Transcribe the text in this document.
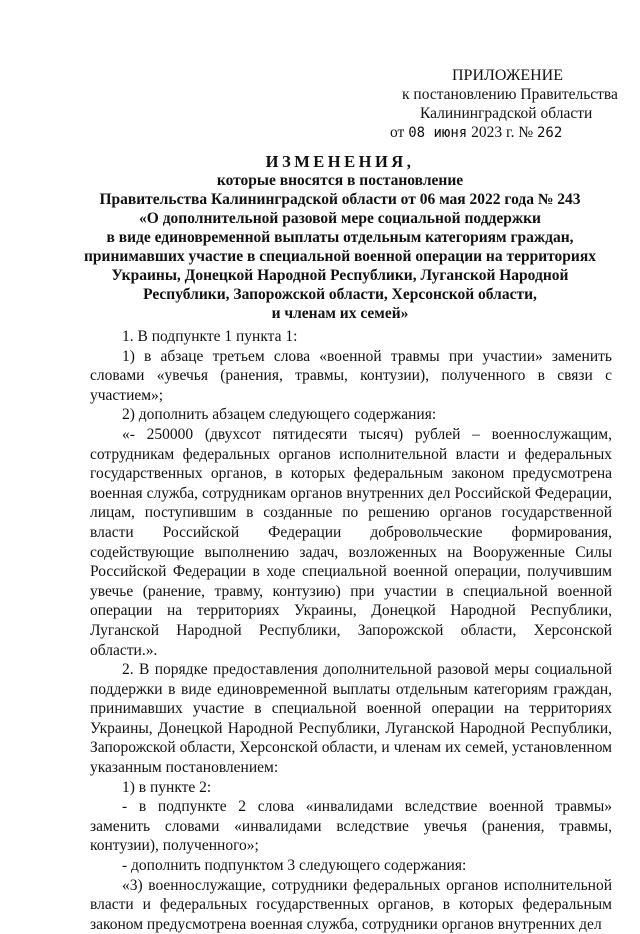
ПРИЛОЖЕНИЕ
к постановлению Правительства
Калининградской области
от 08 июня 2023 г. № 262
ИЗМЕНЕНИЯ,
которые вносятся в постановление
Правительства Калининградской области от 06 мая 2022 года № 243
«О дополнительной разовой мере социальной поддержки
в виде единовременной выплаты отдельным категориям граждан,
принимавших участие в специальной военной операции на территориях
Украины, Донецкой Народной Республики, Луганской Народной
Республики, Запорожской области, Херсонской области,
и членам их семей»

1. В подпункте 1 пункта 1:

1) в абзаце третьем слова «военной травмы при участии» заменить словами «увечья (ранения, травмы, контузии), полученного в связи с участием»;

2) дополнить абзацем следующего содержания:

«- 250000 (двухсот пятидесяти тысяч) рублей – военнослужащим, сотрудникам федеральных органов исполнительной власти и федеральных государственных органов, в которых федеральным законом предусмотрена военная служба, сотрудникам органов внутренних дел Российской Федерации, лицам, поступившим в созданные по решению органов государственной власти Российской Федерации добровольческие формирования, содействующие выполнению задач, возложенных на Вооруженные Силы Российской Федерации в ходе специальной военной операции, получившим увечье (ранение, травму, контузию) при участии в специальной военной операции на территориях Украины, Донецкой Народной Республики, Луганской Народной Республики, Запорожской области, Херсонской области.».

2. В порядке предоставления дополнительной разовой меры социальной поддержки в виде единовременной выплаты отдельным категориям граждан, принимавших участие в специальной военной операции на территориях Украины, Донецкой Народной Республики, Луганской Народной Республики, Запорожской области, Херсонской области, и членам их семей, установленном указанным постановлением:

1) в пункте 2:

- в подпункте 2 слова «инвалидами вследствие военной травмы» заменить словами «инвалидами вследствие увечья (ранения, травмы, контузии), полученного»;

- дополнить подпунктом 3 следующего содержания:

«3) военнослужащие, сотрудники федеральных органов исполнительной власти и федеральных государственных органов, в которых федеральным законом предусмотрена военная служба, сотрудники органов внутренних дел
